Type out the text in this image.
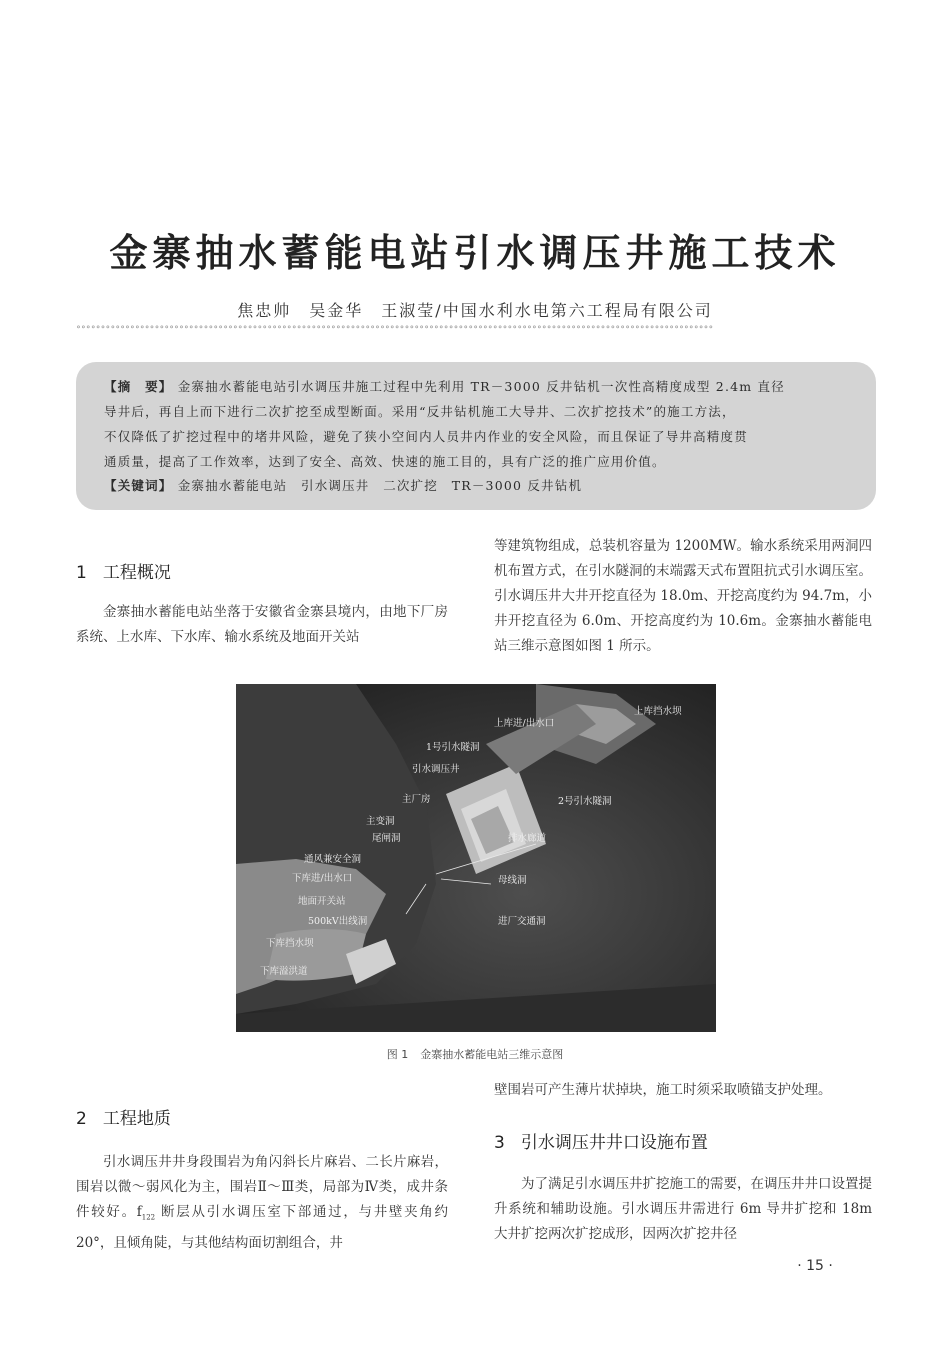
金寨抽水蓄能电站引水调压井施工技术
焦忠帅　吴金华　王淑莹/中国水利水电第六工程局有限公司
∘∘∘∘∘∘∘∘∘∘∘∘∘∘∘∘∘∘∘∘∘∘∘∘∘∘∘∘∘∘∘∘∘∘∘∘∘∘∘∘∘∘∘∘∘∘∘∘∘∘∘∘∘∘∘∘∘∘∘∘∘∘∘∘∘∘∘∘∘∘∘∘∘∘∘∘∘∘∘∘∘∘∘∘∘∘∘∘∘∘∘∘∘∘∘∘∘∘∘∘∘∘∘∘∘∘∘∘∘∘∘∘∘∘∘∘∘∘∘∘∘∘∘∘∘∘∘∘∘∘
【摘　要】 金寨抽水蓄能电站引水调压井施工过程中先利用 TR－3000 反井钻机一次性高精度成型 2.4m 直径
导井后，再自上而下进行二次扩挖至成型断面。采用“反井钻机施工大导井、二次扩挖技术”的施工方法，
不仅降低了扩挖过程中的堵井风险，避免了狭小空间内人员井内作业的安全风险，而且保证了导井高精度贯
通质量，提高了工作效率，达到了安全、高效、快速的施工目的，具有广泛的推广应用价值。
【关键词】 金寨抽水蓄能电站　引水调压井　二次扩挖　TR－3000 反井钻机
1 工程概况
金寨抽水蓄能电站坐落于安徽省金寨县境内，由地下厂房系统、上水库、下水库、输水系统及地面开关站
等建筑物组成，总装机容量为 1200MW。输水系统采用两洞四机布置方式，在引水隧洞的末端露天式布置阻抗式引水调压室。引水调压井大井开挖直径为 18.0m、开挖高度约为 94.7m，小井开挖直径为 6.0m、开挖高度约为 10.6m。金寨抽水蓄能电站三维示意图如图 1 所示。
上库挡水坝
上库进/出水口
1号引水隧洞
引水调压井
2号引水隧洞
主厂房
主变洞
尾闸洞	排水廊道
通风兼安全洞
下库进/出水口	母线洞
地面开关站
500kV出线洞	进厂交通洞
下库挡水坝
下库溢洪道
图 1 金寨抽水蓄能电站三维示意图
2 工程地质
引水调压井井身段围岩为角闪斜长片麻岩、二长片麻岩，围岩以微～弱风化为主，围岩Ⅱ～Ⅲ类，局部为Ⅳ类，成井条件较好。$f_{122}$ 断层从引水调压室下部通过，与井壁夹角约 20°，且倾角陡，与其他结构面切割组合，井
壁围岩可产生薄片状掉块，施工时须采取喷锚支护处理。
3 引水调压井井口设施布置
为了满足引水调压井扩挖施工的需要，在调压井井口设置提升系统和辅助设施。引水调压井需进行 6m 导井扩挖和 18m 大井扩挖两次扩挖成形，因两次扩挖井径
· 15 ·
